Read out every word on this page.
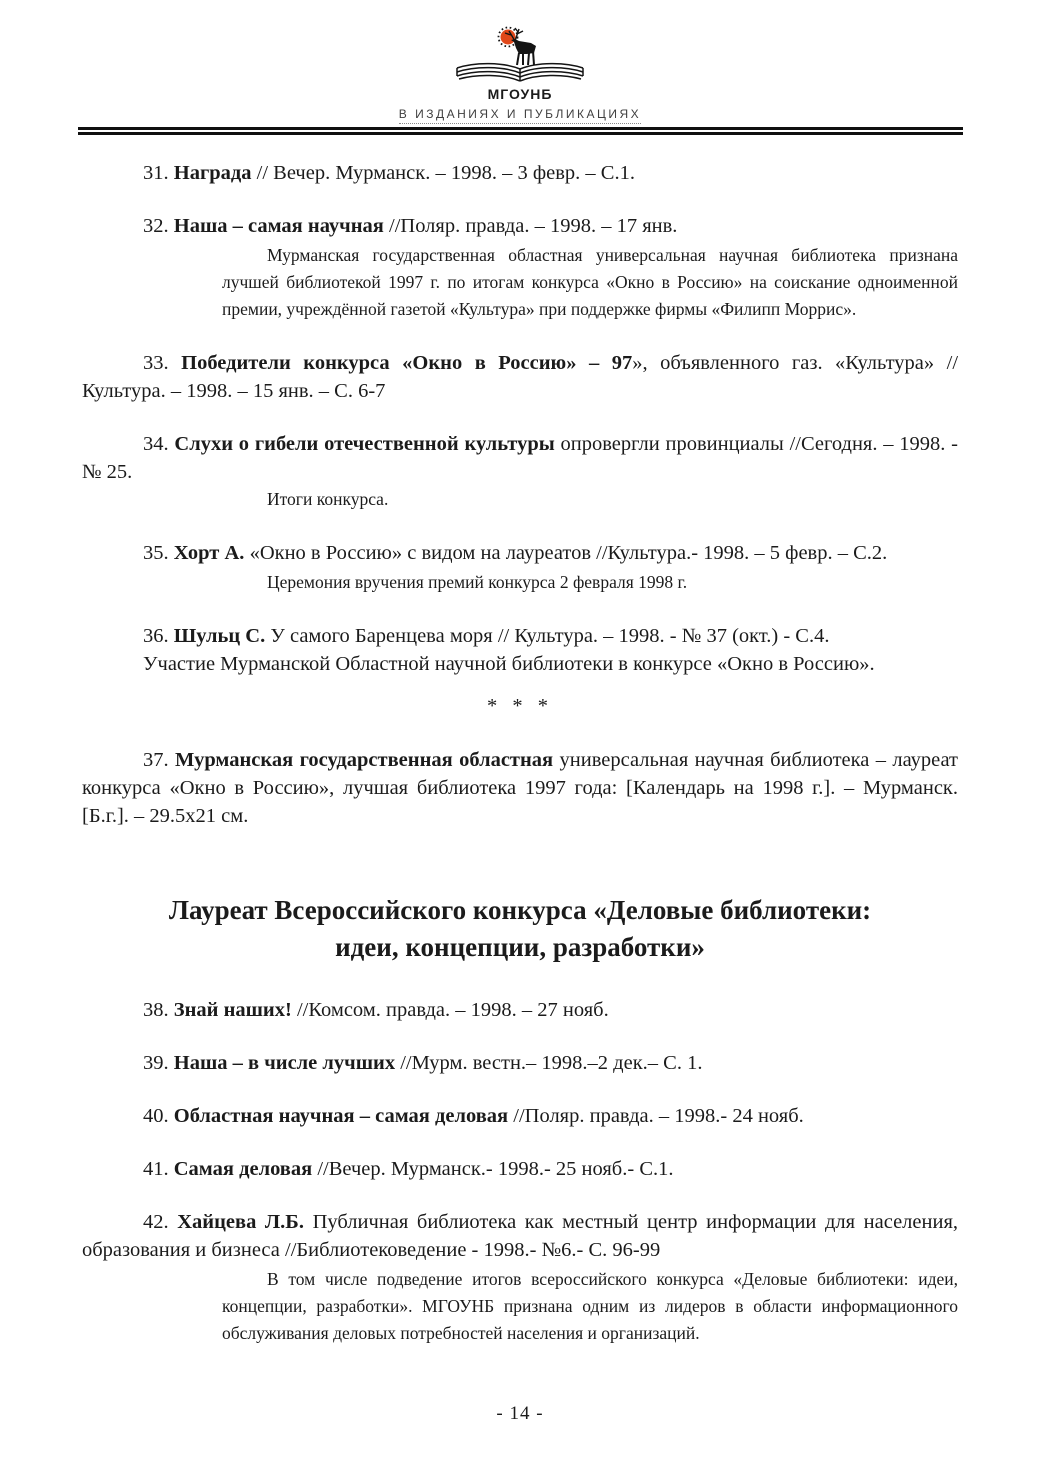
МГОУНБ
В ИЗДАНИЯХ И ПУБЛИКАЦИЯХ

31. Награда // Вечер. Мурманск. – 1998. – 3 февр. – С.1.

32. Наша – самая научная //Поляр. правда. – 1998. – 17 янв.

Мурманская государственная областная универсальная научная библиотека признана лучшей библиотекой 1997 г. по итогам конкурса «Окно в Россию» на соискание одноименной премии, учреждённой газетой «Культура» при поддержке фирмы «Филипп Моррис».

33. Победители конкурса «Окно в Россию» – 97», объявленного газ. «Культура» // Культура. – 1998. – 15 янв. – С. 6-7

34. Слухи о гибели отечественной культуры опровергли провинциалы //Сегодня. – 1998. - № 25.

Итоги конкурса.

35. Хорт А. «Окно в Россию» с видом на лауреатов //Культура.- 1998. – 5 февр. – С.2.

Церемония вручения премий конкурса 2 февраля 1998 г.

36. Шульц С. У самого Баренцева моря // Культура. – 1998. - № 37 (окт.) - С.4.

Участие Мурманской Областной научной библиотеки в конкурсе «Окно в Россию».

* * *

37. Мурманская государственная областная универсальная научная библиотека – лауреат конкурса «Окно в Россию», лучшая библиотека 1997 года: [Календарь на 1998 г.]. – Мурманск. [Б.г.]. – 29.5х21 см.

Лауреат Всероссийского конкурса «Деловые библиотеки:
идеи, концепции, разработки»

38. Знай наших! //Комсом. правда. – 1998. – 27 нояб.

39. Наша – в числе лучших //Мурм. вестн.– 1998.–2 дек.– С. 1.

40. Областная научная – самая деловая //Поляр. правда. – 1998.- 24 нояб.

41. Самая деловая //Вечер. Мурманск.- 1998.- 25 нояб.- С.1.

42. Хайцева Л.Б. Публичная библиотека как местный центр информации для населения, образования и бизнеса //Библиотековедение - 1998.- №6.- С. 96-99

В том числе подведение итогов всероссийского конкурса «Деловые библиотеки: идеи, концепции, разработки». МГОУНБ признана одним из лидеров в области информационного обслуживания деловых потребностей населения и организаций.

- 14 -
